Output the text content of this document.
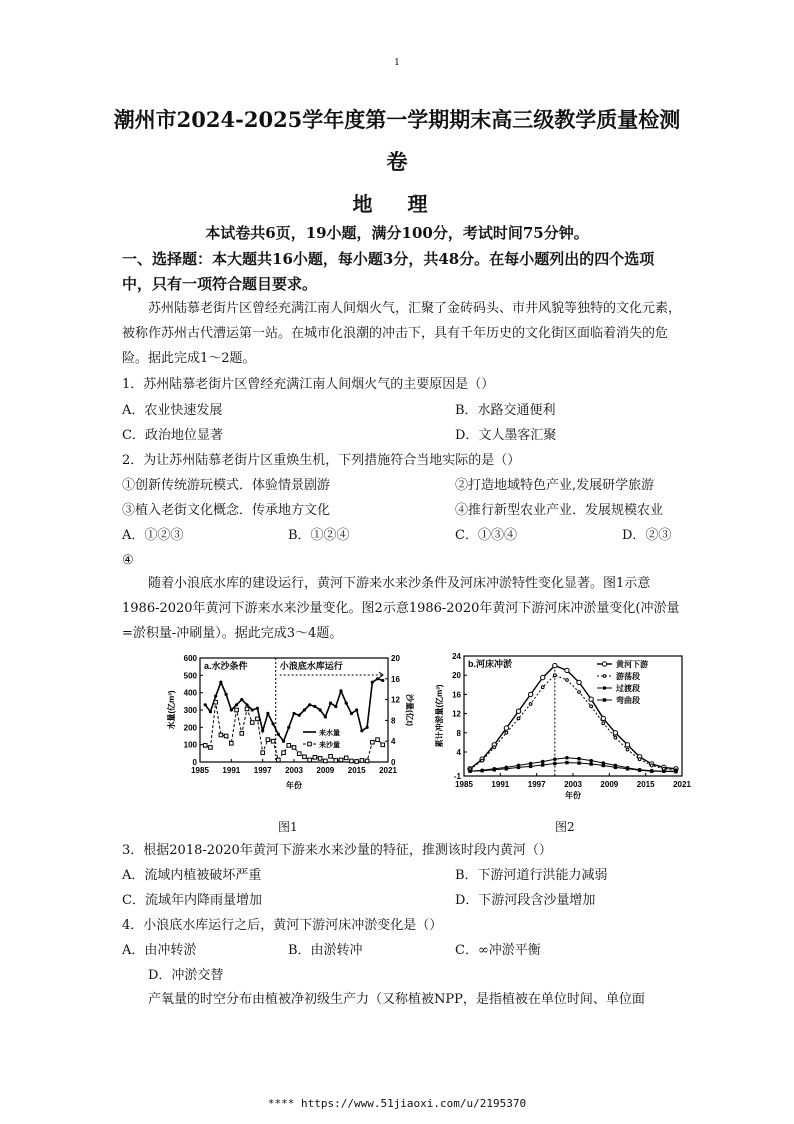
1
潮州市2024-2025学年度第一学期期末高三级教学质量检测
卷
地 理
本试卷共6页，19小题，满分100分，考试时间75分钟。
一、选择题：本大题共16小题，每小题3分，共48分。在每小题列出的四个选项中，只有一项符合题目要求。
苏州陆慕老街片区曾经充满江南人间烟火气，汇聚了金砖码头、市井风貌等独特的文化元素，被称作苏州古代漕运第一站。在城市化浪潮的冲击下，具有千年历史的文化街区面临着消失的危险。据此完成1～2题。
1．苏州陆慕老街片区曾经充满江南人间烟火气的主要原因是（）
A．农业快速发展	B．水路交通便利
C．政治地位显著	D．文人墨客汇聚
2．为让苏州陆慕老街片区重焕生机，下列措施符合当地实际的是（）
①创新传统游玩模式．体验情景剧游	②打造地域特色产业,发展研学旅游
③植入老街文化概念．传承地方文化	④推行新型农业产业．发展规模农业
A．①②③	B．①②④	C．①③④	D．②③
④
随着小浪底水库的建设运行，黄河下游来水来沙条件及河床冲淤特性变化显著。图1示意1986-2020年黄河下游来水来沙量变化。图2示意1986-2020年黄河下游河床冲淤量变化(冲淤量=淤积量-冲刷量）。据此完成3～4题。
0
100
200
300
400
500
600
0
4
8
12
16
20
1985 1991 1997 2003 2009 2015 2021
年份
水量(亿m³)	沙量(亿t)
a.水沙条件	小浪底水库运行
来水量
来沙量
图1
-1
4
8
12
16
20
24
1985 1991 1997 2003 2009 2015 2021
年份
累计冲淤量(亿m³)
b.河床冲淤	黄河下游
游荡段
过渡段
弯曲段
图2
3．根据2018-2020年黄河下游来水来沙量的特征，推测该时段内黄河（）
A．流域内植被破坏严重	B．下游河道行洪能力减弱
C．流域年内降雨量增加	D．下游河段含沙量增加
4．小浪底水库运行之后，黄河下游河床冲淤变化是（）
A．由冲转淤	B．由淤转冲	C．∞冲淤平衡
D．冲淤交替
产氧量的时空分布由植被净初级生产力（又称植被NPP，是指植被在单位时间、单位面
**** https://www.51jiaoxi.com/u/2195370
